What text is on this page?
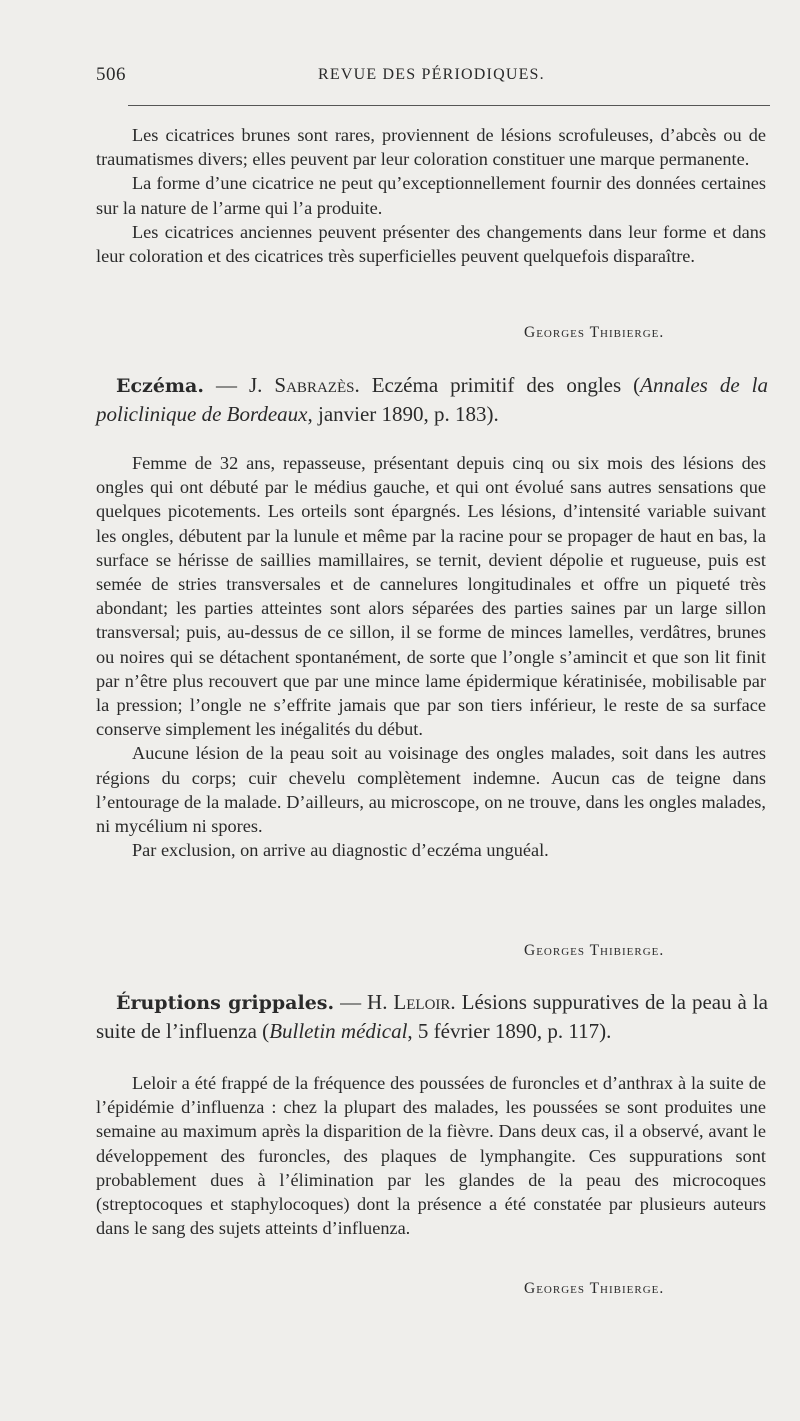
506	REVUE DES PÉRIODIQUES.

Les cicatrices brunes sont rares, proviennent de lésions scrofuleuses, d’abcès ou de traumatismes divers; elles peuvent par leur coloration constituer une marque permanente.

La forme d’une cicatrice ne peut qu’exceptionnellement fournir des données certaines sur la nature de l’arme qui l’a produite.

Les cicatrices anciennes peuvent présenter des changements dans leur forme et dans leur coloration et des cicatrices très superficielles peuvent quelquefois disparaître.

Georges Thibierge.
Eczéma. — J. Sabrazès. Eczéma primitif des ongles (Annales de la policlinique de Bordeaux, janvier 1890, p. 183).

Femme de 32 ans, repasseuse, présentant depuis cinq ou six mois des lésions des ongles qui ont débuté par le médius gauche, et qui ont évolué sans autres sensations que quelques picotements. Les orteils sont épargnés. Les lésions, d’intensité variable suivant les ongles, débutent par la lunule et même par la racine pour se propager de haut en bas, la surface se hérisse de saillies mamillaires, se ternit, devient dépolie et rugueuse, puis est semée de stries transversales et de cannelures longitudinales et offre un piqueté très abondant; les parties atteintes sont alors séparées des parties saines par un large sillon transversal; puis, au-dessus de ce sillon, il se forme de minces lamelles, verdâtres, brunes ou noires qui se détachent spontanément, de sorte que l’ongle s’amincit et que son lit finit par n’être plus recouvert que par une mince lame épidermique kératinisée, mobilisable par la pression; l’ongle ne s’effrite jamais que par son tiers inférieur, le reste de sa surface conserve simplement les inégalités du début.

Aucune lésion de la peau soit au voisinage des ongles malades, soit dans les autres régions du corps; cuir chevelu complètement indemne. Aucun cas de teigne dans l’entourage de la malade. D’ailleurs, au microscope, on ne trouve, dans les ongles malades, ni mycélium ni spores.

Par exclusion, on arrive au diagnostic d’eczéma unguéal.

Georges Thibierge.
Éruptions grippales. — H. Leloir. Lésions suppuratives de la peau à la suite de l’influenza (Bulletin médical, 5 février 1890, p. 117).

Leloir a été frappé de la fréquence des poussées de furoncles et d’anthrax à la suite de l’épidémie d’influenza : chez la plupart des malades, les poussées se sont produites une semaine au maximum après la disparition de la fièvre. Dans deux cas, il a observé, avant le développement des furoncles, des plaques de lymphangite. Ces suppurations sont probablement dues à l’élimination par les glandes de la peau des microcoques (streptocoques et staphylocoques) dont la présence a été constatée par plusieurs auteurs dans le sang des sujets atteints d’influenza.

Georges Thibierge.
